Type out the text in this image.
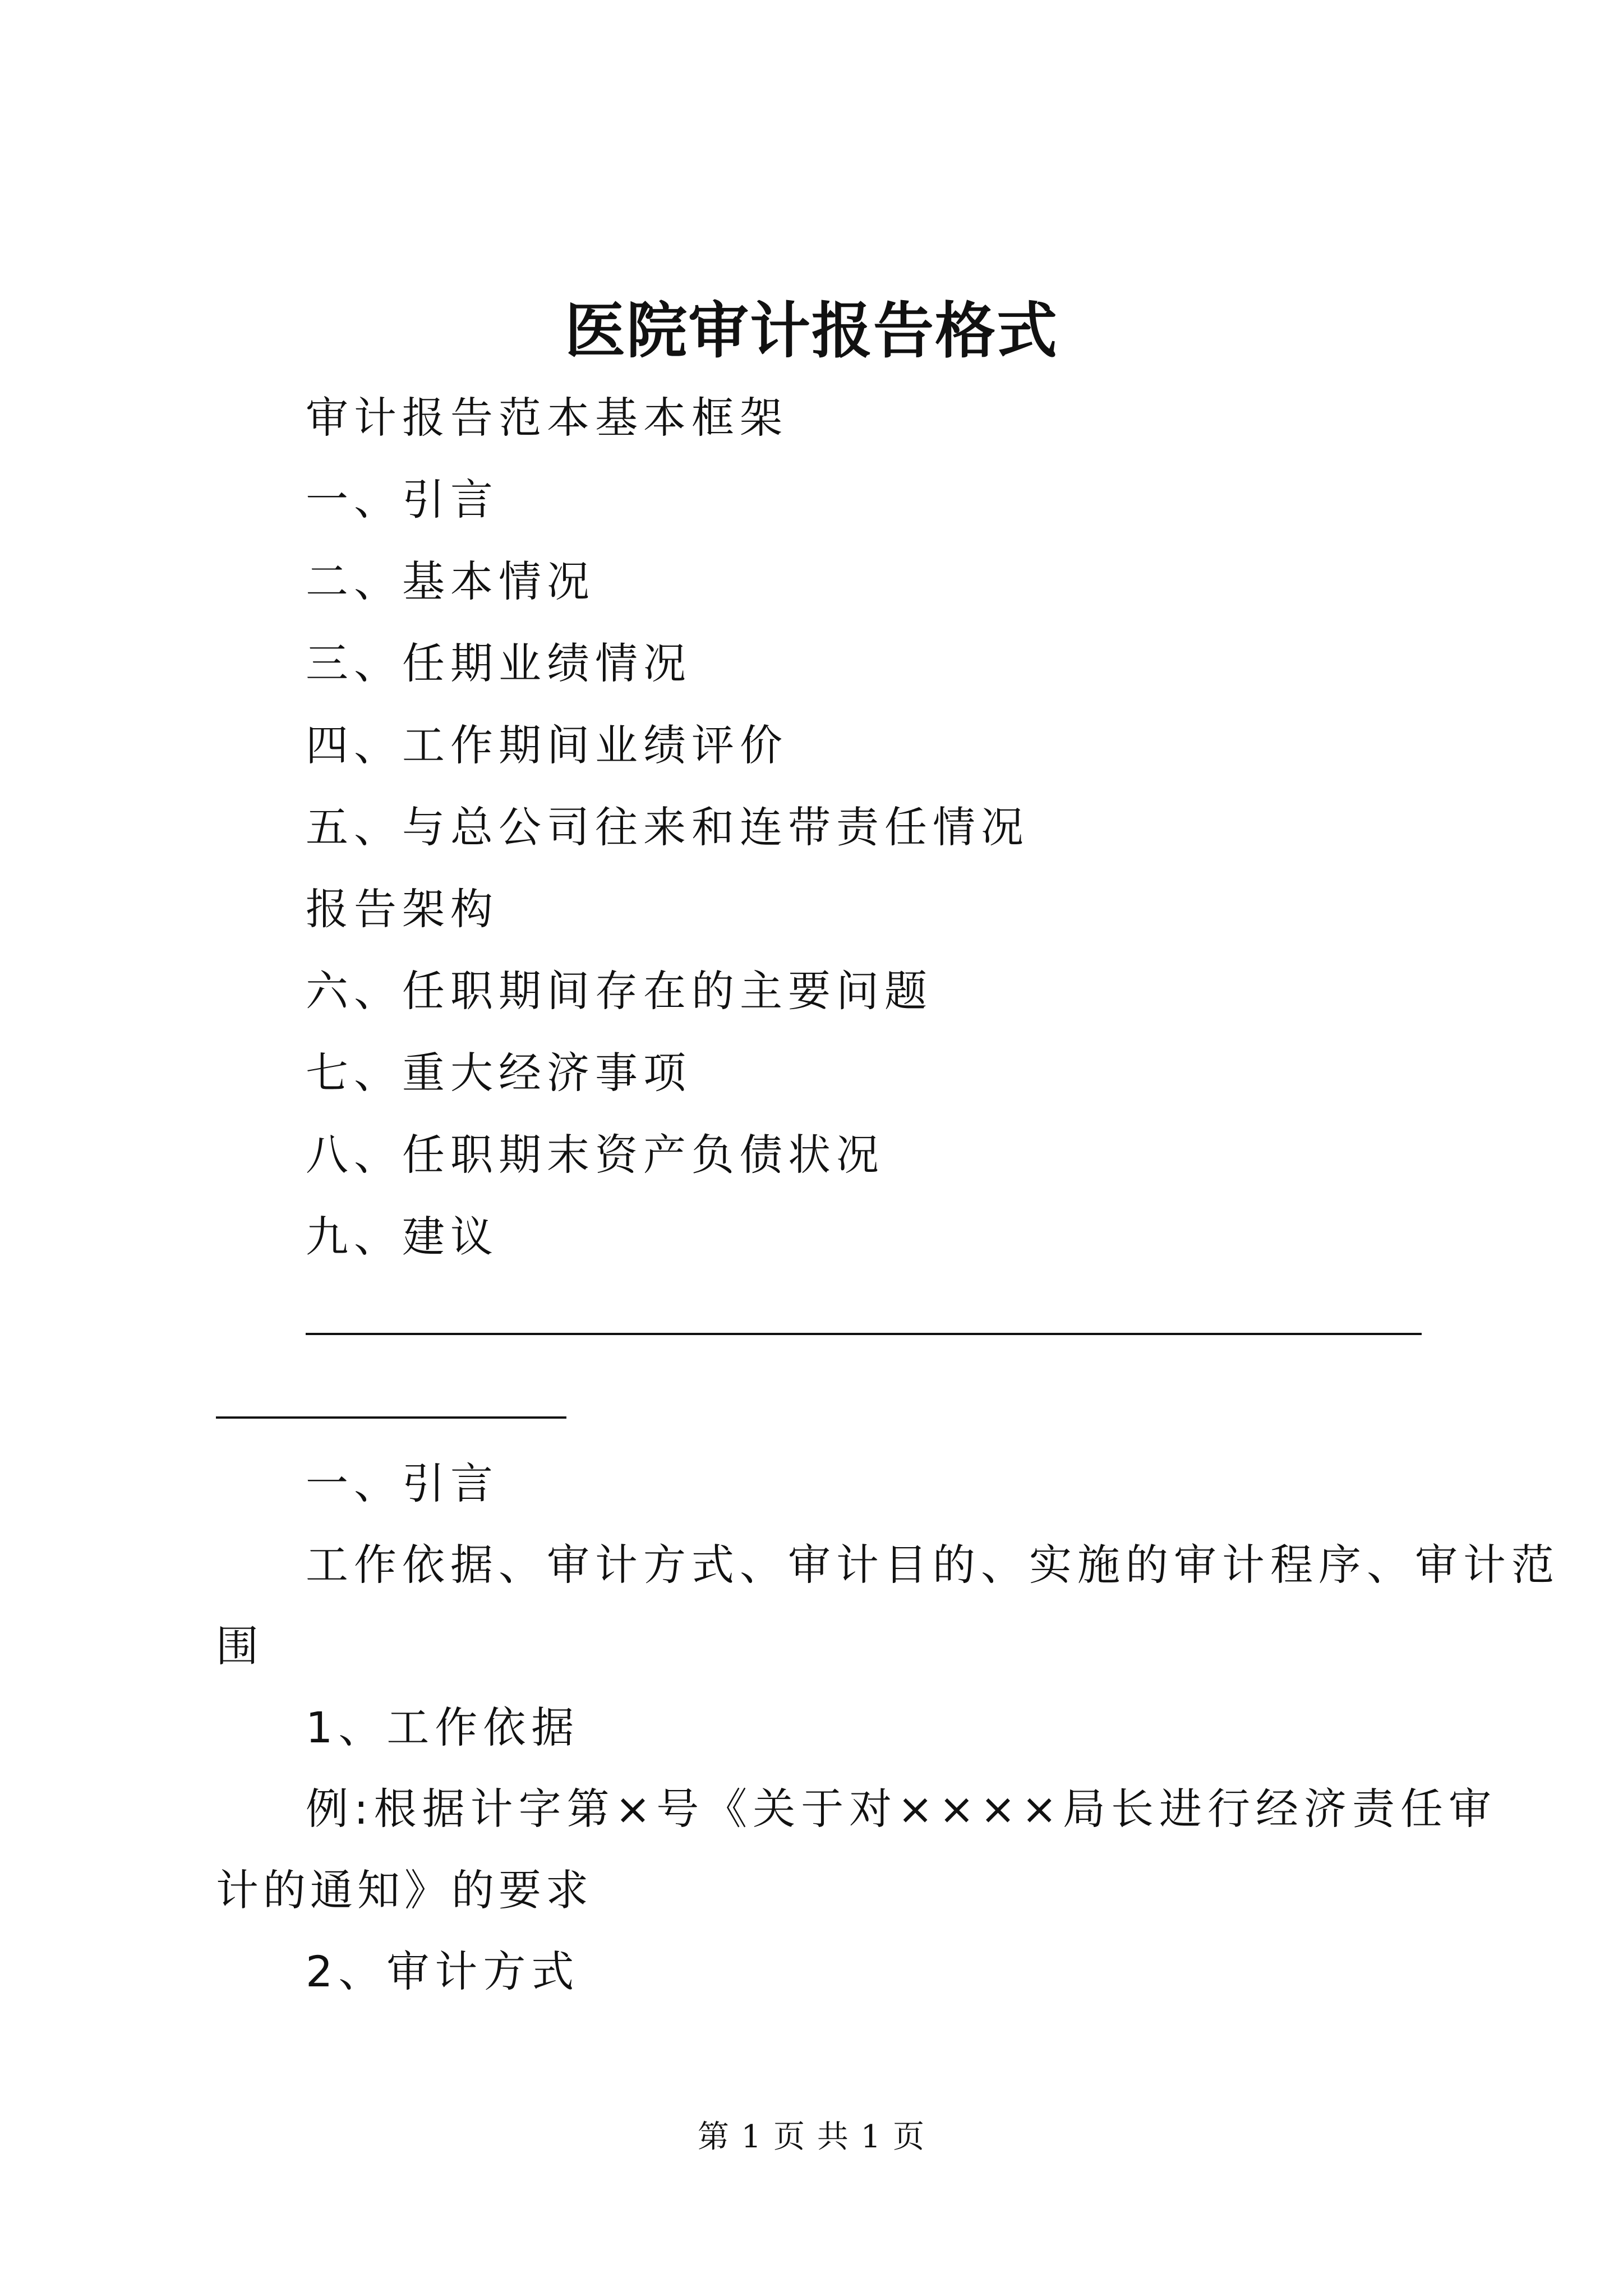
医院审计报告格式
审计报告范本基本框架
一、引言
二、基本情况
三、任期业绩情况
四、工作期间业绩评价
五、与总公司往来和连带责任情况
报告架构
六、任职期间存在的主要问题
七、重大经济事项
八、任职期末资产负债状况
九、建议
一、引言
工作依据、审计方式、审计目的、实施的审计程序、审计范
围
1、工作依据
例:根据计字第×号《关于对××××局长进行经济责任审
计的通知》的要求
2、审计方式
第 1 页 共 1 页
